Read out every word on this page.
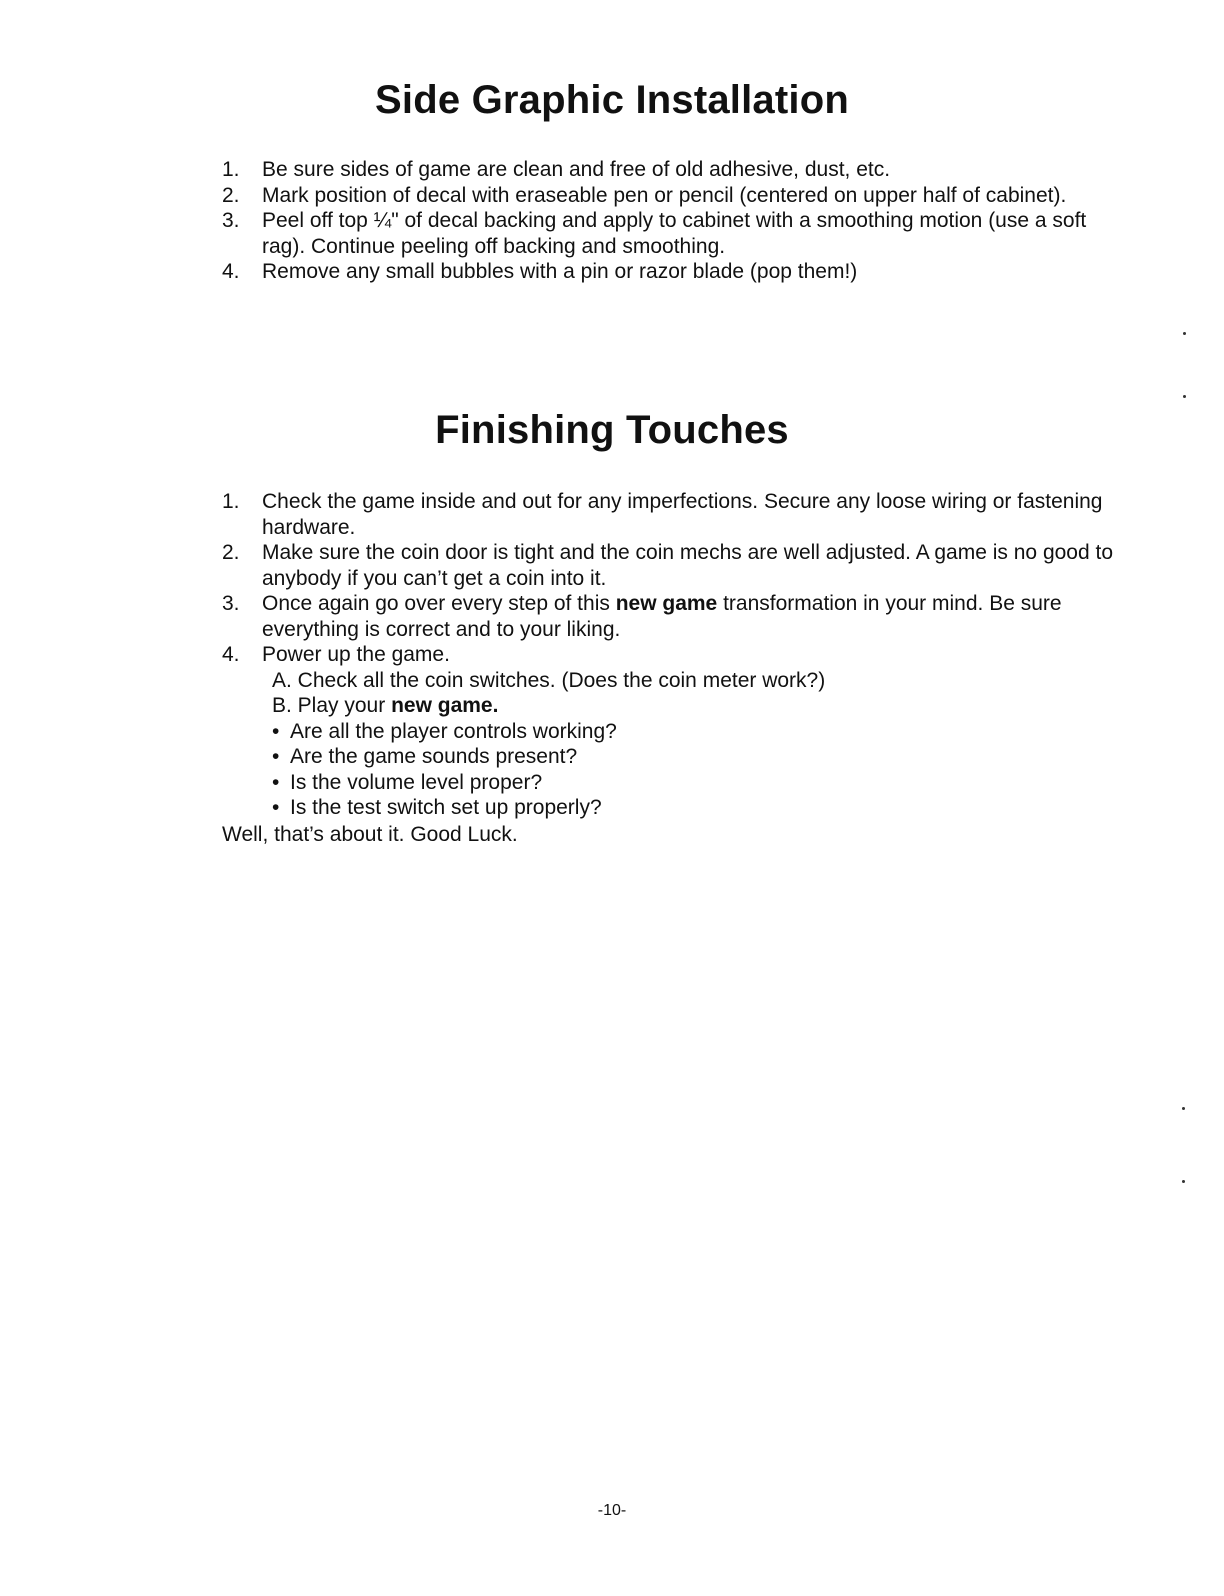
Side Graphic Installation
1.	Be sure sides of game are clean and free of old adhesive, dust, etc.
2.	Mark position of decal with eraseable pen or pencil (centered on upper half of cabinet).
3.	Peel off top ¼" of decal backing and apply to cabinet with a smoothing motion (use a soft rag). Continue peeling off backing and smoothing.
4.	Remove any small bubbles with a pin or razor blade (pop them!)
Finishing Touches
1.	Check the game inside and out for any imperfections. Secure any loose wiring or fastening hardware.
2.	Make sure the coin door is tight and the coin mechs are well adjusted. A game is no good to anybody if you can’t get a coin into it.
3.	Once again go over every step of this new game transformation in your mind. Be sure everything is correct and to your liking.
4.	Power up the game.
A. Check all the coin switches. (Does the coin meter work?)
B. Play your new game.
• Are all the player controls working?
• Are the game sounds present?
• Is the volume level proper?
• Is the test switch set up properly?

Well, that’s about it. Good Luck.

-10-
